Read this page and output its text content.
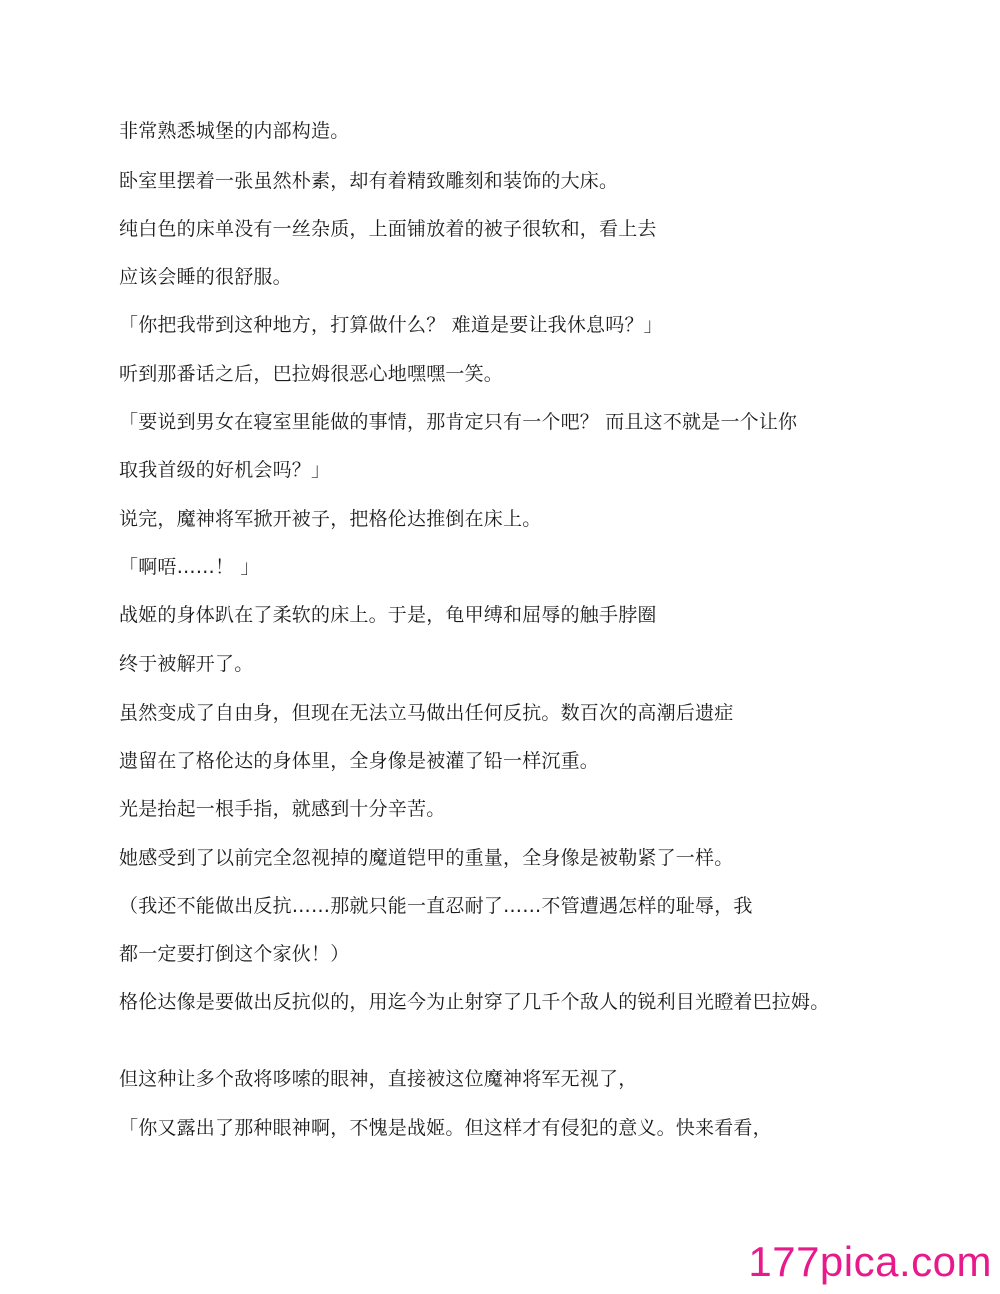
非常熟悉城堡的内部构造。
卧室里摆着一张虽然朴素，却有着精致雕刻和装饰的大床。
纯白色的床单没有一丝杂质，上面铺放着的被子很软和，看上去
应该会睡的很舒服。
「你把我带到这种地方，打算做什么？ 难道是要让我休息吗？」
听到那番话之后，巴拉姆很恶心地嘿嘿一笑。
「要说到男女在寝室里能做的事情，那肯定只有一个吧？ 而且这不就是一个让你
取我首级的好机会吗？」
说完，魔神将军掀开被子，把格伦达推倒在床上。
「啊唔……！ 」
战姬的身体趴在了柔软的床上。于是，龟甲缚和屈辱的触手脖圈
终于被解开了。
虽然变成了自由身，但现在无法立马做出任何反抗。数百次的高潮后遗症
遗留在了格伦达的身体里，全身像是被灌了铅一样沉重。
光是抬起一根手指，就感到十分辛苦。
她感受到了以前完全忽视掉的魔道铠甲的重量，全身像是被勒紧了一样。
（我还不能做出反抗……那就只能一直忍耐了……不管遭遇怎样的耻辱，我
都一定要打倒这个家伙！）
格伦达像是要做出反抗似的，用迄今为止射穿了几千个敌人的锐利目光瞪着巴拉姆。
但这种让多个敌将哆嗦的眼神，直接被这位魔神将军无视了，
「你又露出了那种眼神啊，不愧是战姬。但这样才有侵犯的意义。快来看看，
177pica.com
